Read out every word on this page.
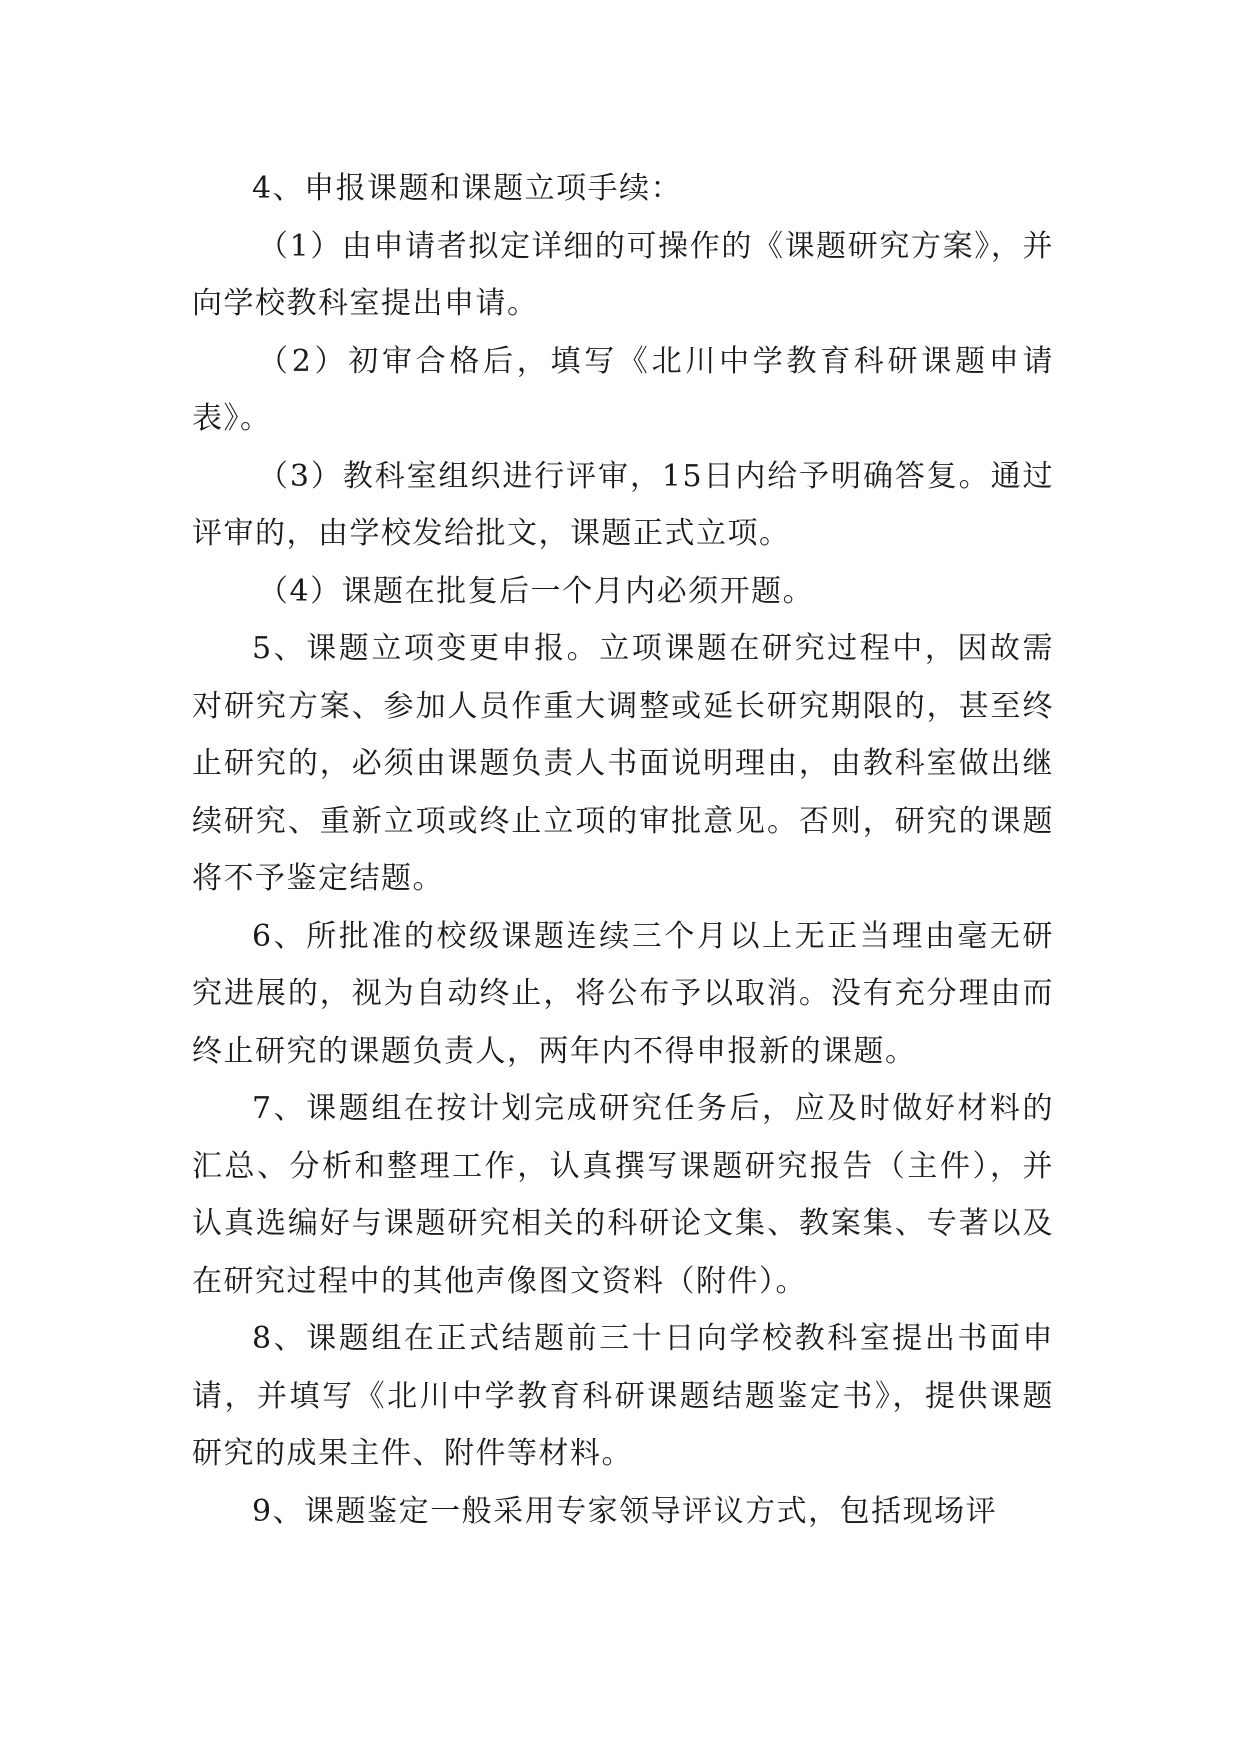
4、申报课题和课题立项手续：

（1）由申请者拟定详细的可操作的《课题研究方案》，并向学校教科室提出申请。

（2）初审合格后，填写《北川中学教育科研课题申请表》。

（3）教科室组织进行评审，15日内给予明确答复。通过评审的，由学校发给批文，课题正式立项。

（4）课题在批复后一个月内必须开题。

5、课题立项变更申报。立项课题在研究过程中，因故需对研究方案、参加人员作重大调整或延长研究期限的，甚至终止研究的，必须由课题负责人书面说明理由，由教科室做出继续研究、重新立项或终止立项的审批意见。否则，研究的课题将不予鉴定结题。

6、所批准的校级课题连续三个月以上无正当理由毫无研究进展的，视为自动终止，将公布予以取消。没有充分理由而终止研究的课题负责人，两年内不得申报新的课题。

7、课题组在按计划完成研究任务后，应及时做好材料的汇总、分析和整理工作，认真撰写课题研究报告（主件），并认真选编好与课题研究相关的科研论文集、教案集、专著以及在研究过程中的其他声像图文资料（附件）。

8、课题组在正式结题前三十日向学校教科室提出书面申请，并填写《北川中学教育科研课题结题鉴定书》，提供课题研究的成果主件、附件等材料。

9、课题鉴定一般采用专家领导评议方式，包括现场评
